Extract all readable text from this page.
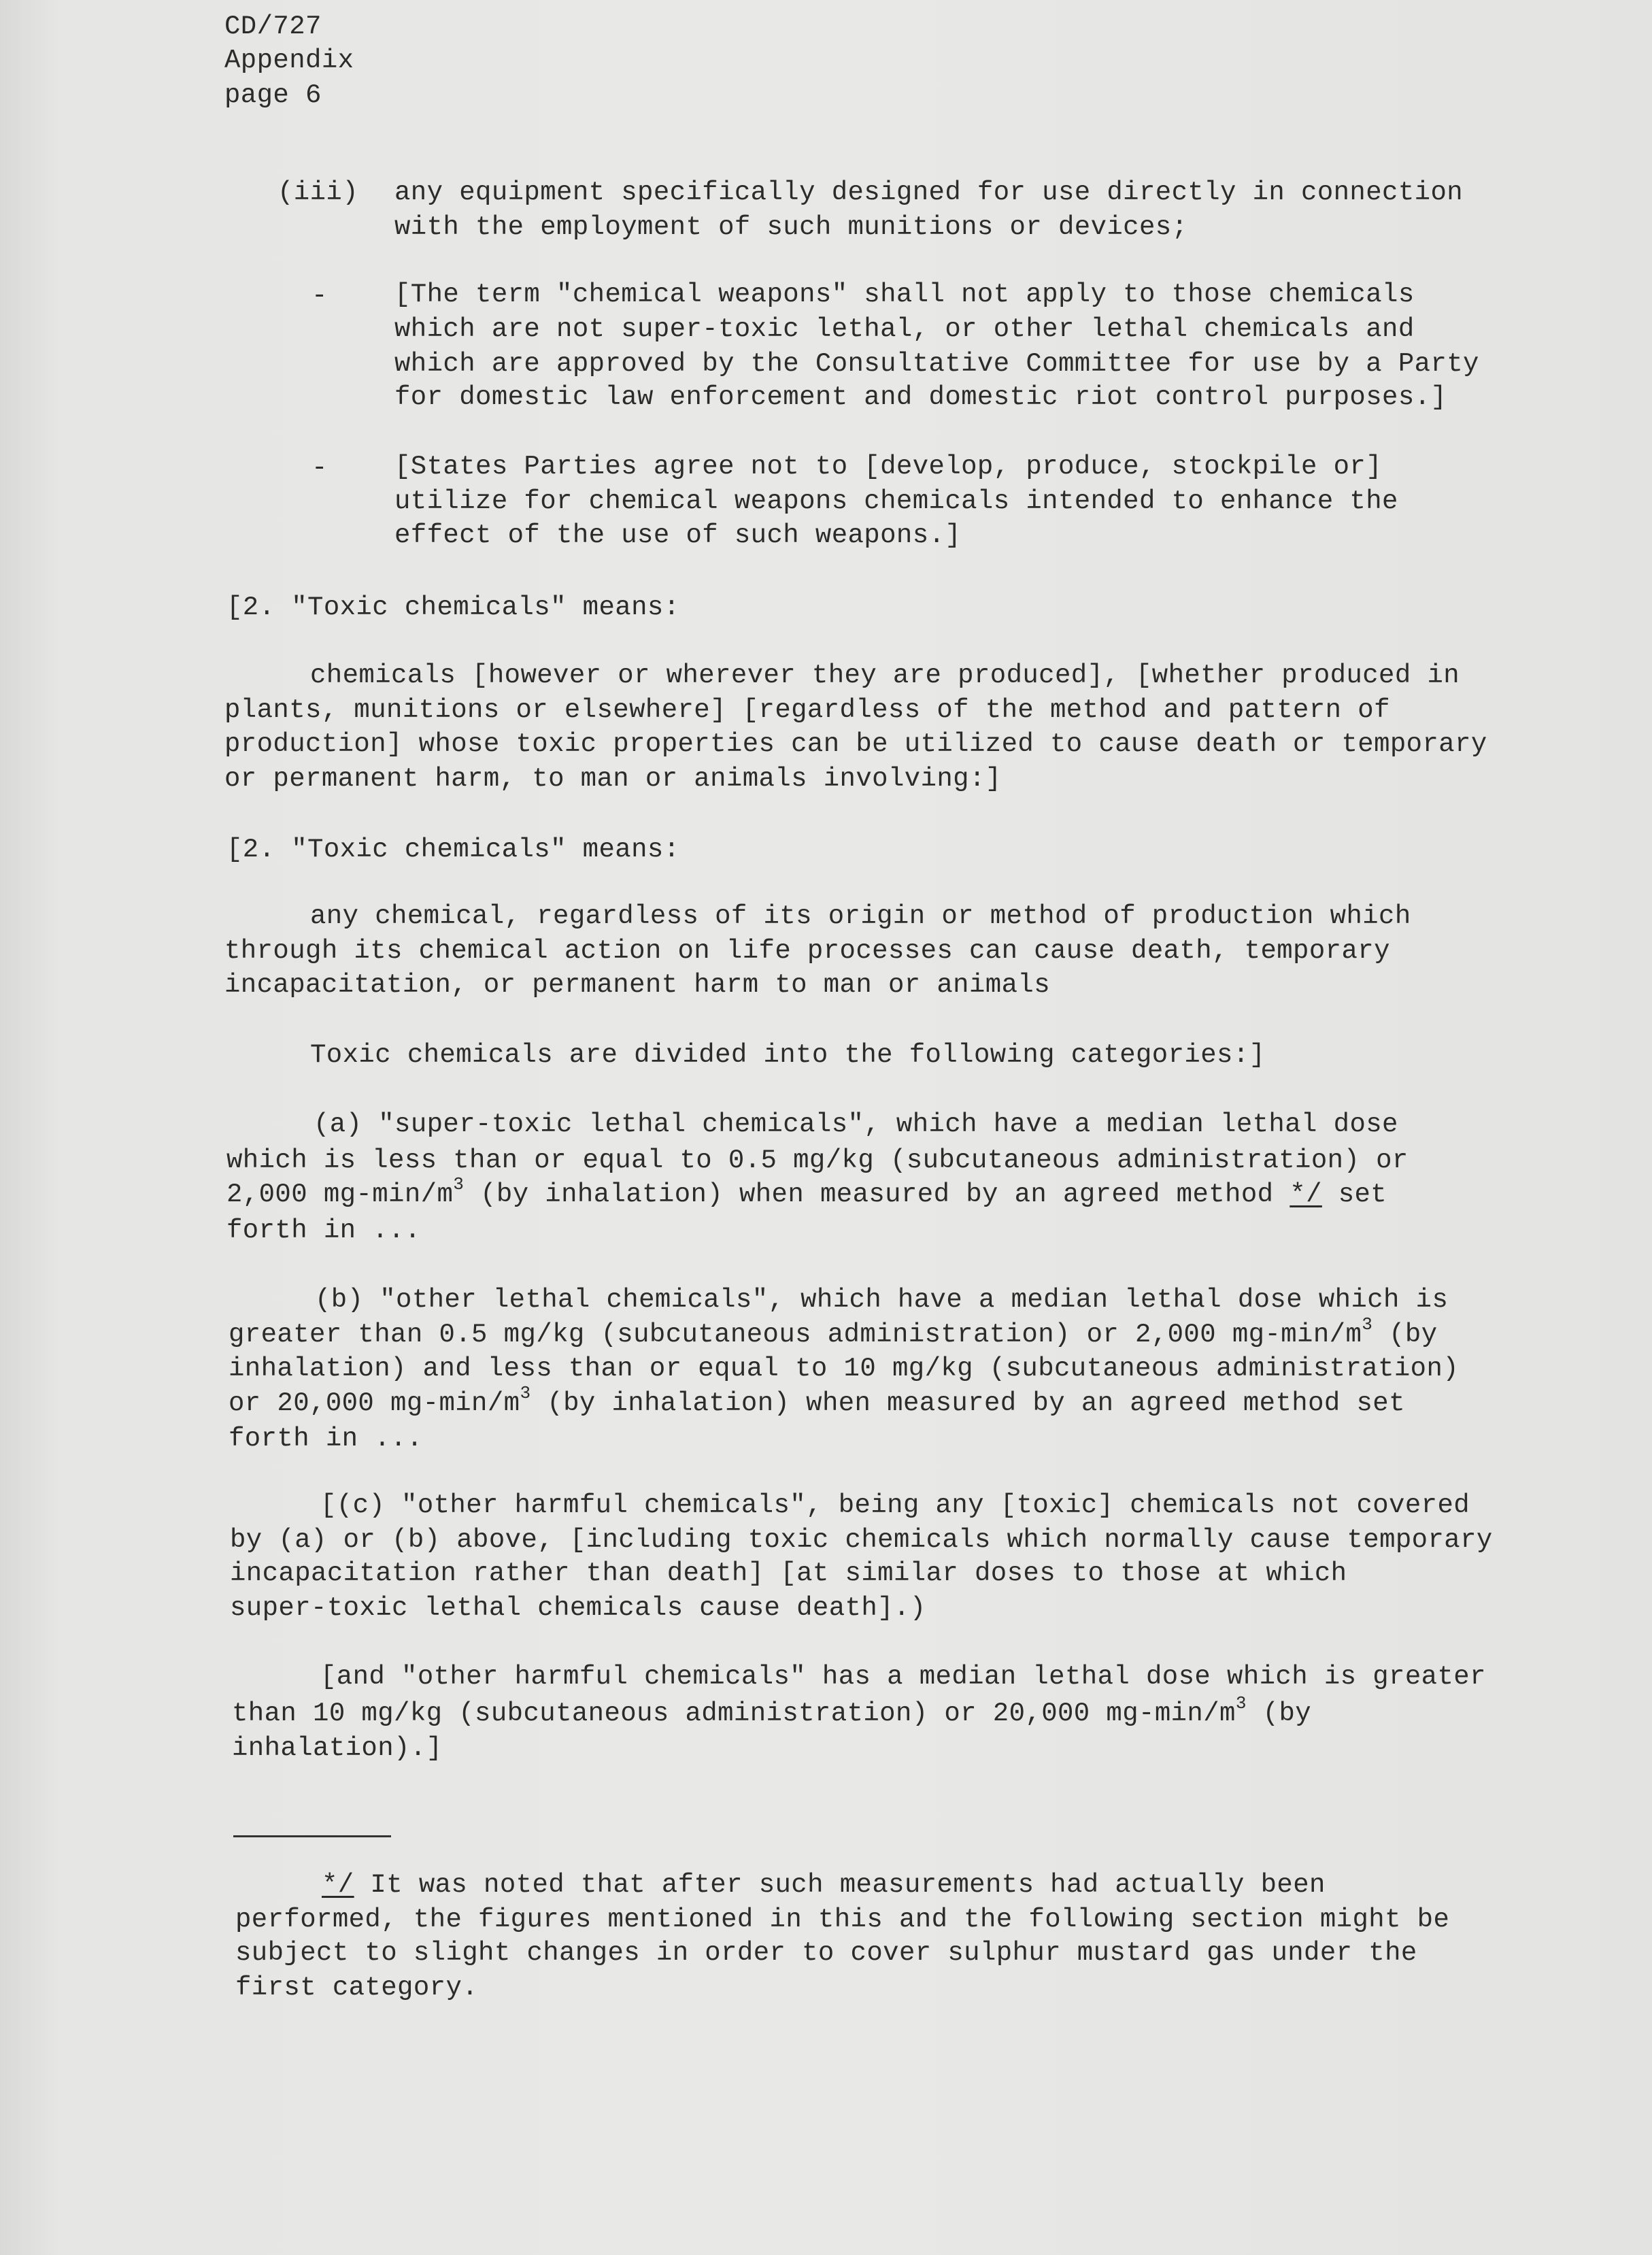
CD/727
Appendix
page 6
(iii) any equipment specifically designed for use directly in connection
with the employment of such munitions or devices;
-	[The term "chemical weapons" shall not apply to those chemicals
which are not super-toxic lethal, or other lethal chemicals and
which are approved by the Consultative Committee for use by a Party
for domestic law enforcement and domestic riot control purposes.]
-	[States Parties agree not to [develop, produce, stockpile or]
utilize for chemical weapons chemicals intended to enhance the
effect of the use of such weapons.]
[2. "Toxic chemicals" means:
chemicals [however or wherever they are produced], [whether produced in
plants, munitions or elsewhere] [regardless of the method and pattern of
production] whose toxic properties can be utilized to cause death or temporary
or permanent harm, to man or animals involving:]
[2. "Toxic chemicals" means:
any chemical, regardless of its origin or method of production which
through its chemical action on life processes can cause death, temporary
incapacitation, or permanent harm to man or animals
Toxic chemicals are divided into the following categories:]
(a) "super-toxic lethal chemicals", which have a median lethal dose
which is less than or equal to 0.5 mg/kg (subcutaneous administration) or
2,000 $mg-\min/m^3$ (by inhalation) when measured by an agreed method */ set
forth in ...
(b) "other lethal chemicals", which have a median lethal dose which is
greater than 0.5 mg/kg (subcutaneous administration) or 2,000 $mg-\min/m^3$ (by
inhalation) and less than or equal to 10 mg/kg (subcutaneous administration)
or 20,000 $mg-\min/m^3$ (by inhalation) when measured by an agreed method set
forth in ...
[(c) "other harmful chemicals", being any [toxic] chemicals not covered
by (a) or (b) above, [including toxic chemicals which normally cause temporary
incapacitation rather than death] [at similar doses to those at which
super-toxic lethal chemicals cause death].)
[and "other harmful chemicals" has a median lethal dose which is greater
than 10 mg/kg (subcutaneous administration) or 20,000 $mg-\min/m^3$ (by
inhalation).]
*/ It was noted that after such measurements had actually been
performed, the figures mentioned in this and the following section might be
subject to slight changes in order to cover sulphur mustard gas under the
first category.
